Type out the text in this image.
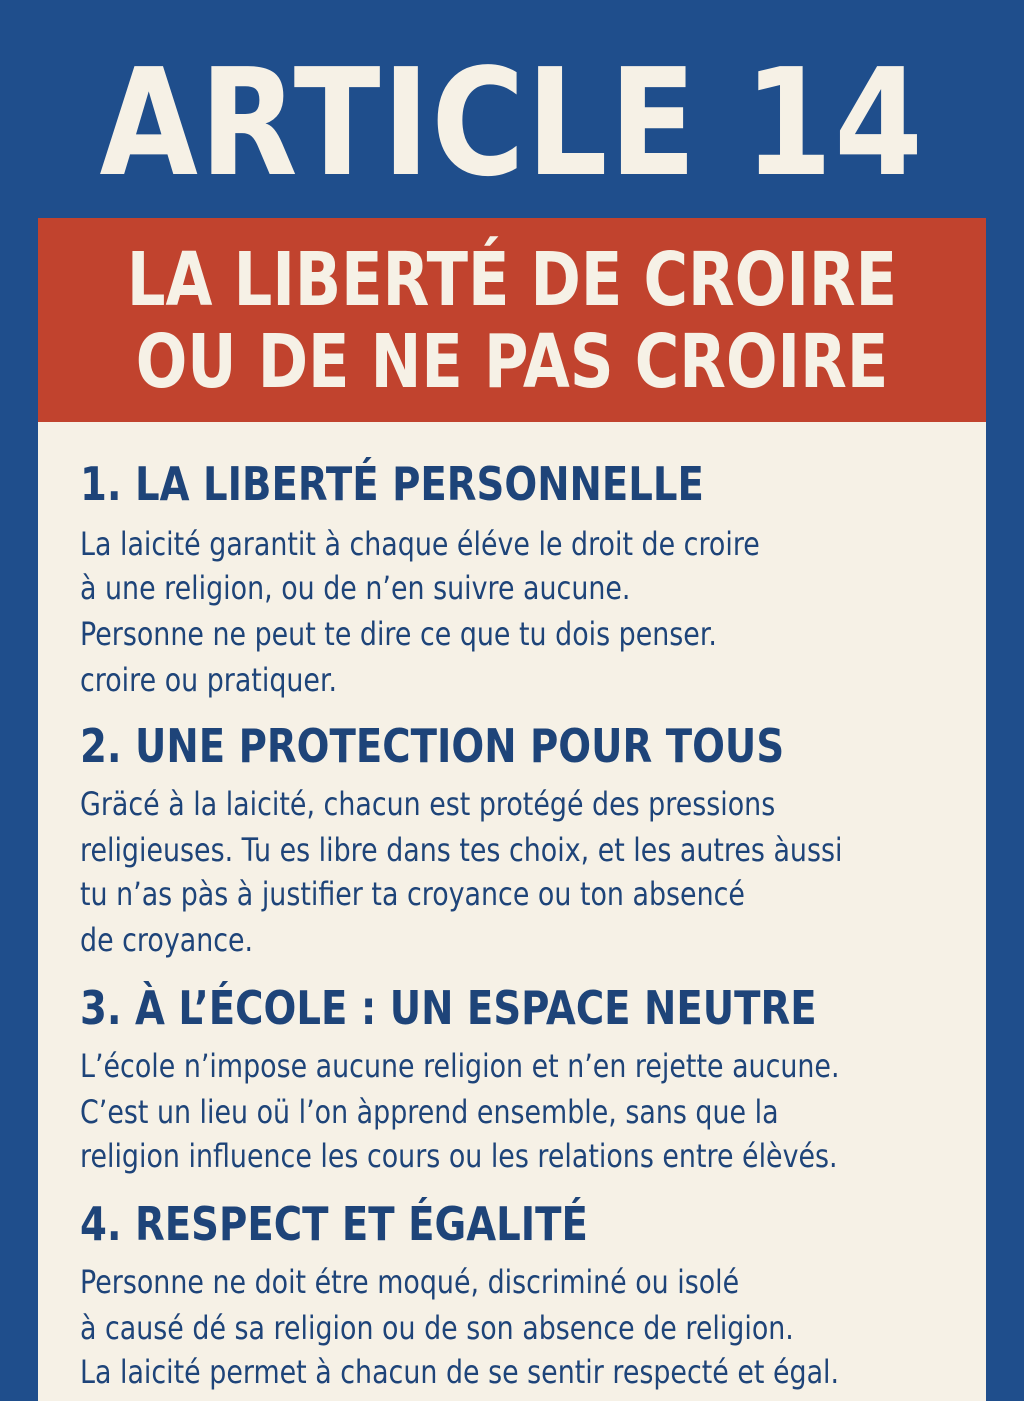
ARTICLE 14
LA LIBERTÉ DE CROIRE
OU DE NE PAS CROIRE
1. LA LIBERTÉ PERSONNELLE
La laicité garantit à chaque éléve le droit de croire
à une religion, ou de n’en suivre aucune.
Personne ne peut te dire ce que tu dois penser.
croire ou pratiquer.
2. UNE PROTECTION POUR TOUS
Gräcé à la laicité, chacun est protégé des pressions
religieuses. Tu es libre dans tes choix, et les autres àussi
tu n’as pàs à justifier ta croyance ou ton absencé
de croyance.
3. À L’ÉCOLE : UN ESPACE NEUTRE
L’école n’impose aucune religion et n’en rejette aucune.
C’est un lieu oü l’on àpprend ensemble, sans que la
religion influence les cours ou les relations entre élèvés.
4. RESPECT ET ÉGALITÉ
Personne ne doit étre moqué, discriminé ou isolé
à causé dé sa religion ou de son absence de religion.
La laicité permet à chacun de se sentir respecté et égal.
